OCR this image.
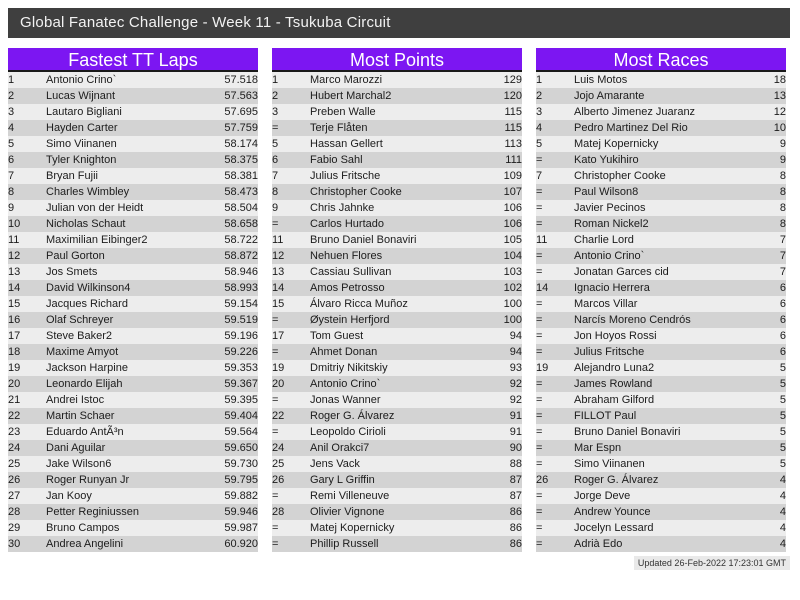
Global Fanatec Challenge - Week 11 - Tsukuba Circuit
Fastest TT Laps
1	Antonio Crino`	57.518
2	Lucas Wijnant	57.563
3	Lautaro Bigliani	57.695
4	Hayden Carter	57.759
5	Simo Viinanen	58.174
6	Tyler Knighton	58.375
7	Bryan Fujii	58.381
8	Charles Wimbley	58.473
9	Julian von der Heidt	58.504
10	Nicholas Schaut	58.658
11	Maximilian Eibinger2	58.722
12	Paul Gorton	58.872
13	Jos Smets	58.946
14	David Wilkinson4	58.993
15	Jacques Richard	59.154
16	Olaf Schreyer	59.519
17	Steve Baker2	59.196
18	Maxime Amyot	59.226
19	Jackson Harpine	59.353
20	Leonardo Elijah	59.367
21	Andrei Istoc	59.395
22	Martin Schaer	59.404
23	Eduardo AntÃ³n	59.564
24	Dani Aguilar	59.650
25	Jake Wilson6	59.730
26	Roger Runyan Jr	59.795
27	Jan Kooy	59.882
28	Petter Reginiussen	59.946
29	Bruno Campos	59.987
30	Andrea Angelini	60.920
Most Points
1	Marco Marozzi	129
2	Hubert Marchal2	120
3	Preben Walle	115
=	Terje Flåten	115
5	Hassan Gellert	113
6	Fabio Sahl	111
7	Julius Fritsche	109
8	Christopher Cooke	107
9	Chris Jahnke	106
=	Carlos Hurtado	106
11	Bruno Daniel Bonaviri	105
12	Nehuen Flores	104
13	Cassiau Sullivan	103
14	Amos Petrosso	102
15	Álvaro Ricca Muñoz	100
=	Øystein Herfjord	100
17	Tom Guest	94
=	Ahmet Donan	94
19	Dmitriy Nikitskiy	93
20	Antonio Crino`	92
=	Jonas Wanner	92
22	Roger G. Álvarez	91
=	Leopoldo Cirioli	91
24	Anil Orakci7	90
25	Jens Vack	88
26	Gary L Griffin	87
=	Remi Villeneuve	87
28	Olivier Vignone	86
=	Matej Kopernicky	86
=	Phillip Russell	86
Most Races
1	Luis Motos	18
2	Jojo Amarante	13
3	Alberto Jimenez Juaranz	12
4	Pedro Martinez Del Rio	10
5	Matej Kopernicky	9
=	Kato Yukihiro	9
7	Christopher Cooke	8
=	Paul Wilson8	8
=	Javier Pecinos	8
=	Roman Nickel2	8
11	Charlie Lord	7
=	Antonio Crino`	7
=	Jonatan Garces cid	7
14	Ignacio Herrera	6
=	Marcos Villar	6
=	Narcís Moreno Cendrós	6
=	Jon Hoyos Rossi	6
=	Julius Fritsche	6
19	Alejandro Luna2	5
=	James Rowland	5
=	Abraham Gilford	5
=	FILLOT Paul	5
=	Bruno Daniel Bonaviri	5
=	Mar Espn	5
=	Simo Viinanen	5
26	Roger G. Álvarez	4
=	Jorge Deve	4
=	Andrew Younce	4
=	Jocelyn Lessard	4
=	Adrià Edo	4
Updated 26-Feb-2022 17:23:01 GMT
